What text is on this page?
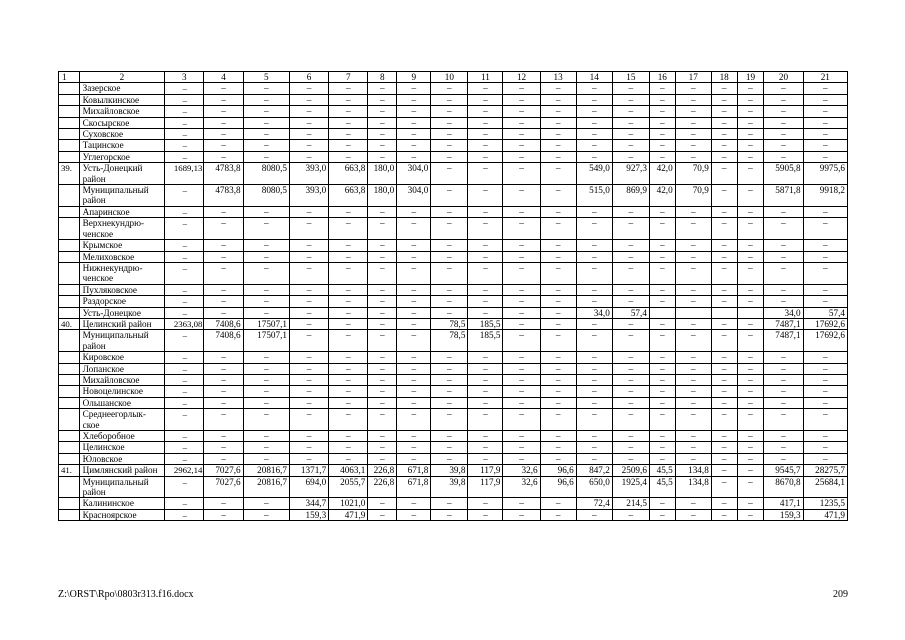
1	2	3	4	5	6	7	8	9	10	11	12	13	14	15	16	17	18	19	20	21
	Зазерское	–	–	–	–	–	–	–	–	–	–	–	–	–	–	–	–	–	–	–
	Ковылкинское	–	–	–	–	–	–	–	–	–	–	–	–	–	–	–	–	–	–	–
	Михайловское	–	–	–	–	–	–	–	–	–	–	–	–	–	–	–	–	–	–	–
	Скосырское	–	–	–	–	–	–	–	–	–	–	–	–	–	–	–	–	–	–	–
	Суховское	–	–	–	–	–	–	–	–	–	–	–	–	–	–	–	–	–	–	–
	Тацинское	–	–	–	–	–	–	–	–	–	–	–	–	–	–	–	–	–	–	–
	Углегорское	–	–	–	–	–	–	–	–	–	–	–	–	–	–	–	–	–	–	–
39.	Усть-Донецкий район	1689,13	4783,8	8080,5	393,0	663,8	180,0	304,0	–	–	–	–	549,0	927,3	42,0	70,9	–	–	5905,8	9975,6
	Муниципальный район	–	4783,8	8080,5	393,0	663,8	180,0	304,0	–	–	–	–	515,0	869,9	42,0	70,9	–	–	5871,8	9918,2
	Апаринское	–	–	–	–	–	–	–	–	–	–	–	–	–	–	–	–	–	–	–
	Верхнекундрю-ченское	–	–	–	–	–	–	–	–	–	–	–	–	–	–	–	–	–	–	–
	Крымское	–	–	–	–	–	–	–	–	–	–	–	–	–	–	–	–	–	–	–
	Мелиховское	–	–	–	–	–	–	–	–	–	–	–	–	–	–	–	–	–	–	–
	Нижнекундрю-ченское	–	–	–	–	–	–	–	–	–	–	–	–	–	–	–	–	–	–	–
	Пухляковское	–	–	–	–	–	–	–	–	–	–	–	–	–	–	–	–	–	–	–
	Раздорское	–	–	–	–	–	–	–	–	–	–	–	–	–	–	–	–	–	–	–
	Усть-Донецкое	–	–	–	–	–	–	–	–	–	–	–	34,0	57,4					34,0	57,4
40.	Целинский район	2363,08	7408,6	17507,1	–	–	–	–	78,5	185,5	–	–	–	–	–	–	–	–	7487,1	17692,6
	Муниципальный район	–	7408,6	17507,1	–	–	–	–	78,5	185,5	–	–	–	–	–	–	–	–	7487,1	17692,6
	Кировское	–	–	–	–	–	–	–	–	–	–	–	–	–	–	–	–	–	–	–
	Лопанское	–	–	–	–	–	–	–	–	–	–	–	–	–	–	–	–	–	–	–
	Михайловское	–	–	–	–	–	–	–	–	–	–	–	–	–	–	–	–	–	–	–
	Новоцелинское	–	–	–	–	–	–	–	–	–	–	–	–	–	–	–	–	–	–	–
	Ольшанское	–	–	–	–	–	–	–	–	–	–	–	–	–	–	–	–	–	–	–
	Среднеегорлык-ское	–	–	–	–	–	–	–	–	–	–	–	–	–	–	–	–	–	–	–
	Хлеборобное	–	–	–	–	–	–	–	–	–	–	–	–	–	–	–	–	–	–	–
	Целинское	–	–	–	–	–	–	–	–	–	–	–	–	–	–	–	–	–	–	–
	Юловское	–	–	–	–	–	–	–	–	–	–	–	–	–	–	–	–	–	–	–
41.	Цимлянский район	2962,14	7027,6	20816,7	1371,7	4063,1	226,8	671,8	39,8	117,9	32,6	96,6	847,2	2509,6	45,5	134,8	–	–	9545,7	28275,7
	Муниципальный район	–	7027,6	20816,7	694,0	2055,7	226,8	671,8	39,8	117,9	32,6	96,6	650,0	1925,4	45,5	134,8	–	–	8670,8	25684,1
	Калининское	–	–	–	344,7	1021,0	–	–	–	–	–	–	72,4	214,5	–	–	–	–	417,1	1235,5
	Красноярское	–	–	–	159,3	471,9	–	–	–	–	–	–	–	–	–	–	–	–	159,3	471,9
Z:\ORST\Rpo\0803r313.f16.docx	209
